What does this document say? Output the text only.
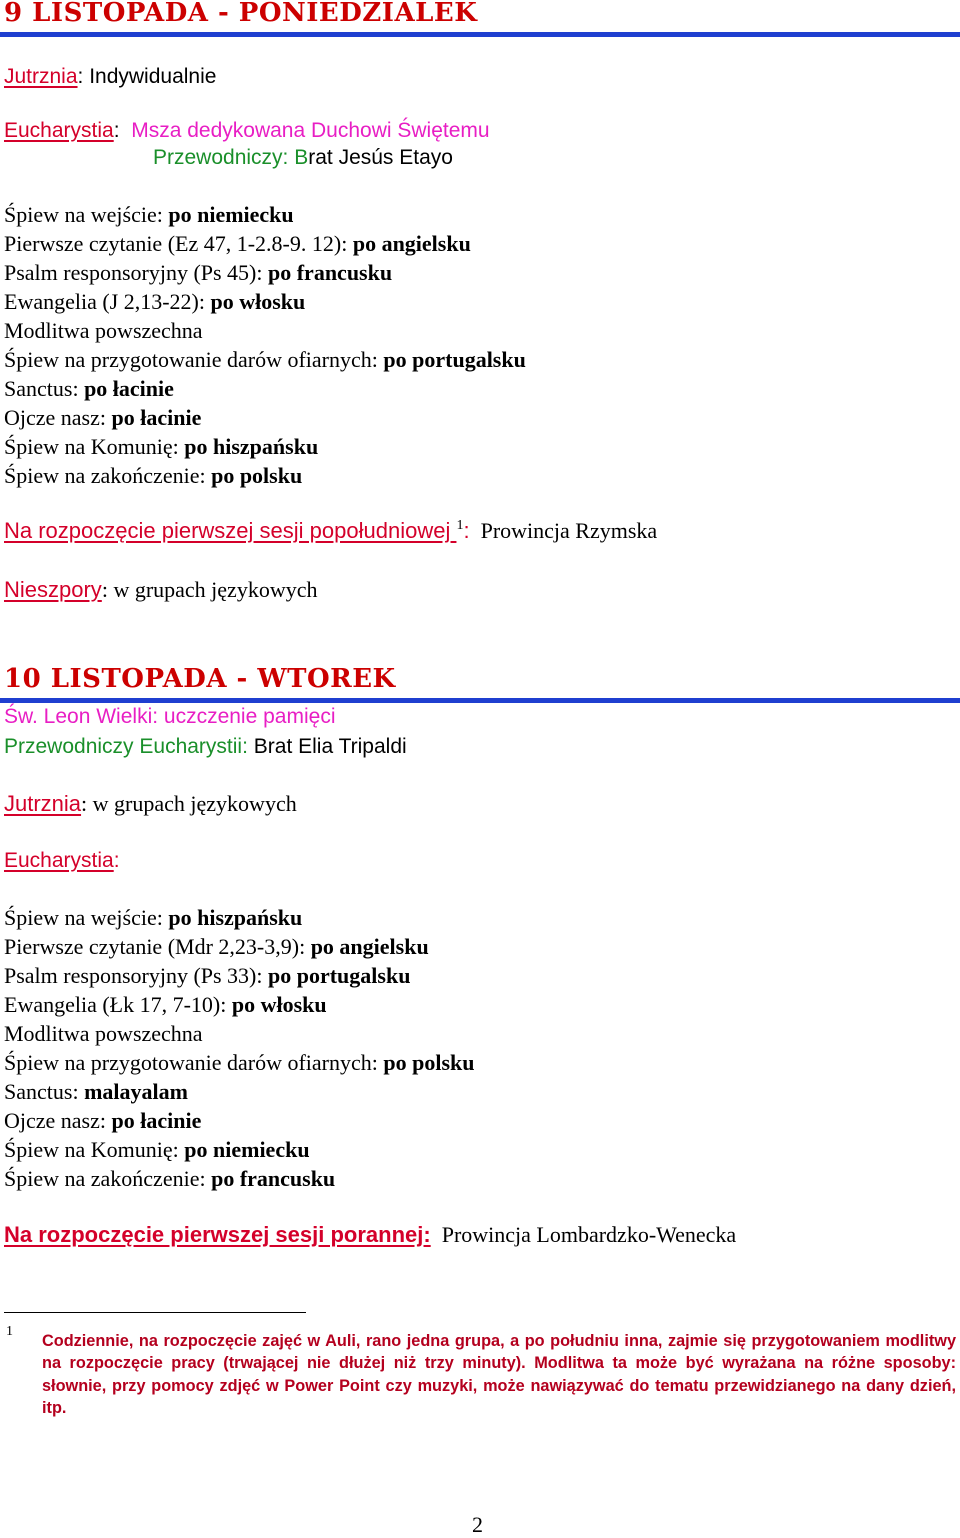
9 LISTOPADA - PONIEDZIALEK
Jutrznia: Indywidualnie
Eucharystia:  Msza dedykowana Duchowi Świętemu
Przewodniczy: Brat Jesús Etayo
Śpiew na wejście: po niemiecku
Pierwsze czytanie (Ez 47, 1-2.8-9. 12): po angielsku
Psalm responsoryjny (Ps 45): po francusku
Ewangelia (J 2,13-22): po włosku
Modlitwa powszechna
Śpiew na przygotowanie darów ofiarnych: po portugalsku
Sanctus: po łacinie
Ojcze nasz: po łacinie
Śpiew na Komunię: po hiszpańsku
Śpiew na zakończenie: po polsku
Na rozpoczęcie pierwszej sesji popołudniowej $^1$: Prowincja Rzymska
Nieszpory: w grupach językowych
10 LISTOPADA - WTOREK
Św. Leon Wielki: uczczenie pamięci
Przewodniczy Eucharystii: Brat Elia Tripaldi
Jutrznia: w grupach językowych
Eucharystia:
Śpiew na wejście: po hiszpańsku
Pierwsze czytanie (Mdr 2,23-3,9): po angielsku
Psalm responsoryjny (Ps 33): po portugalsku
Ewangelia (Łk 17, 7-10): po włosku
Modlitwa powszechna
Śpiew na przygotowanie darów ofiarnych: po polsku
Sanctus: malayalam
Ojcze nasz: po łacinie
Śpiew na Komunię: po niemiecku
Śpiew na zakończenie: po francusku
Na rozpoczęcie pierwszej sesji porannej: Prowincja Lombardzko-Wenecka
1
Codziennie, na rozpoczęcie zajęć w Auli, rano jedna grupa, a po południu inna, zajmie się przygotowaniem modlitwy na rozpoczęcie pracy (trwającej nie dłużej niż trzy minuty). Modlitwa ta może być wyrażana na różne sposoby: słownie, przy pomocy zdjęć w Power Point czy muzyki, może nawiązywać do tematu przewidzianego na dany dzień, itp.
2
